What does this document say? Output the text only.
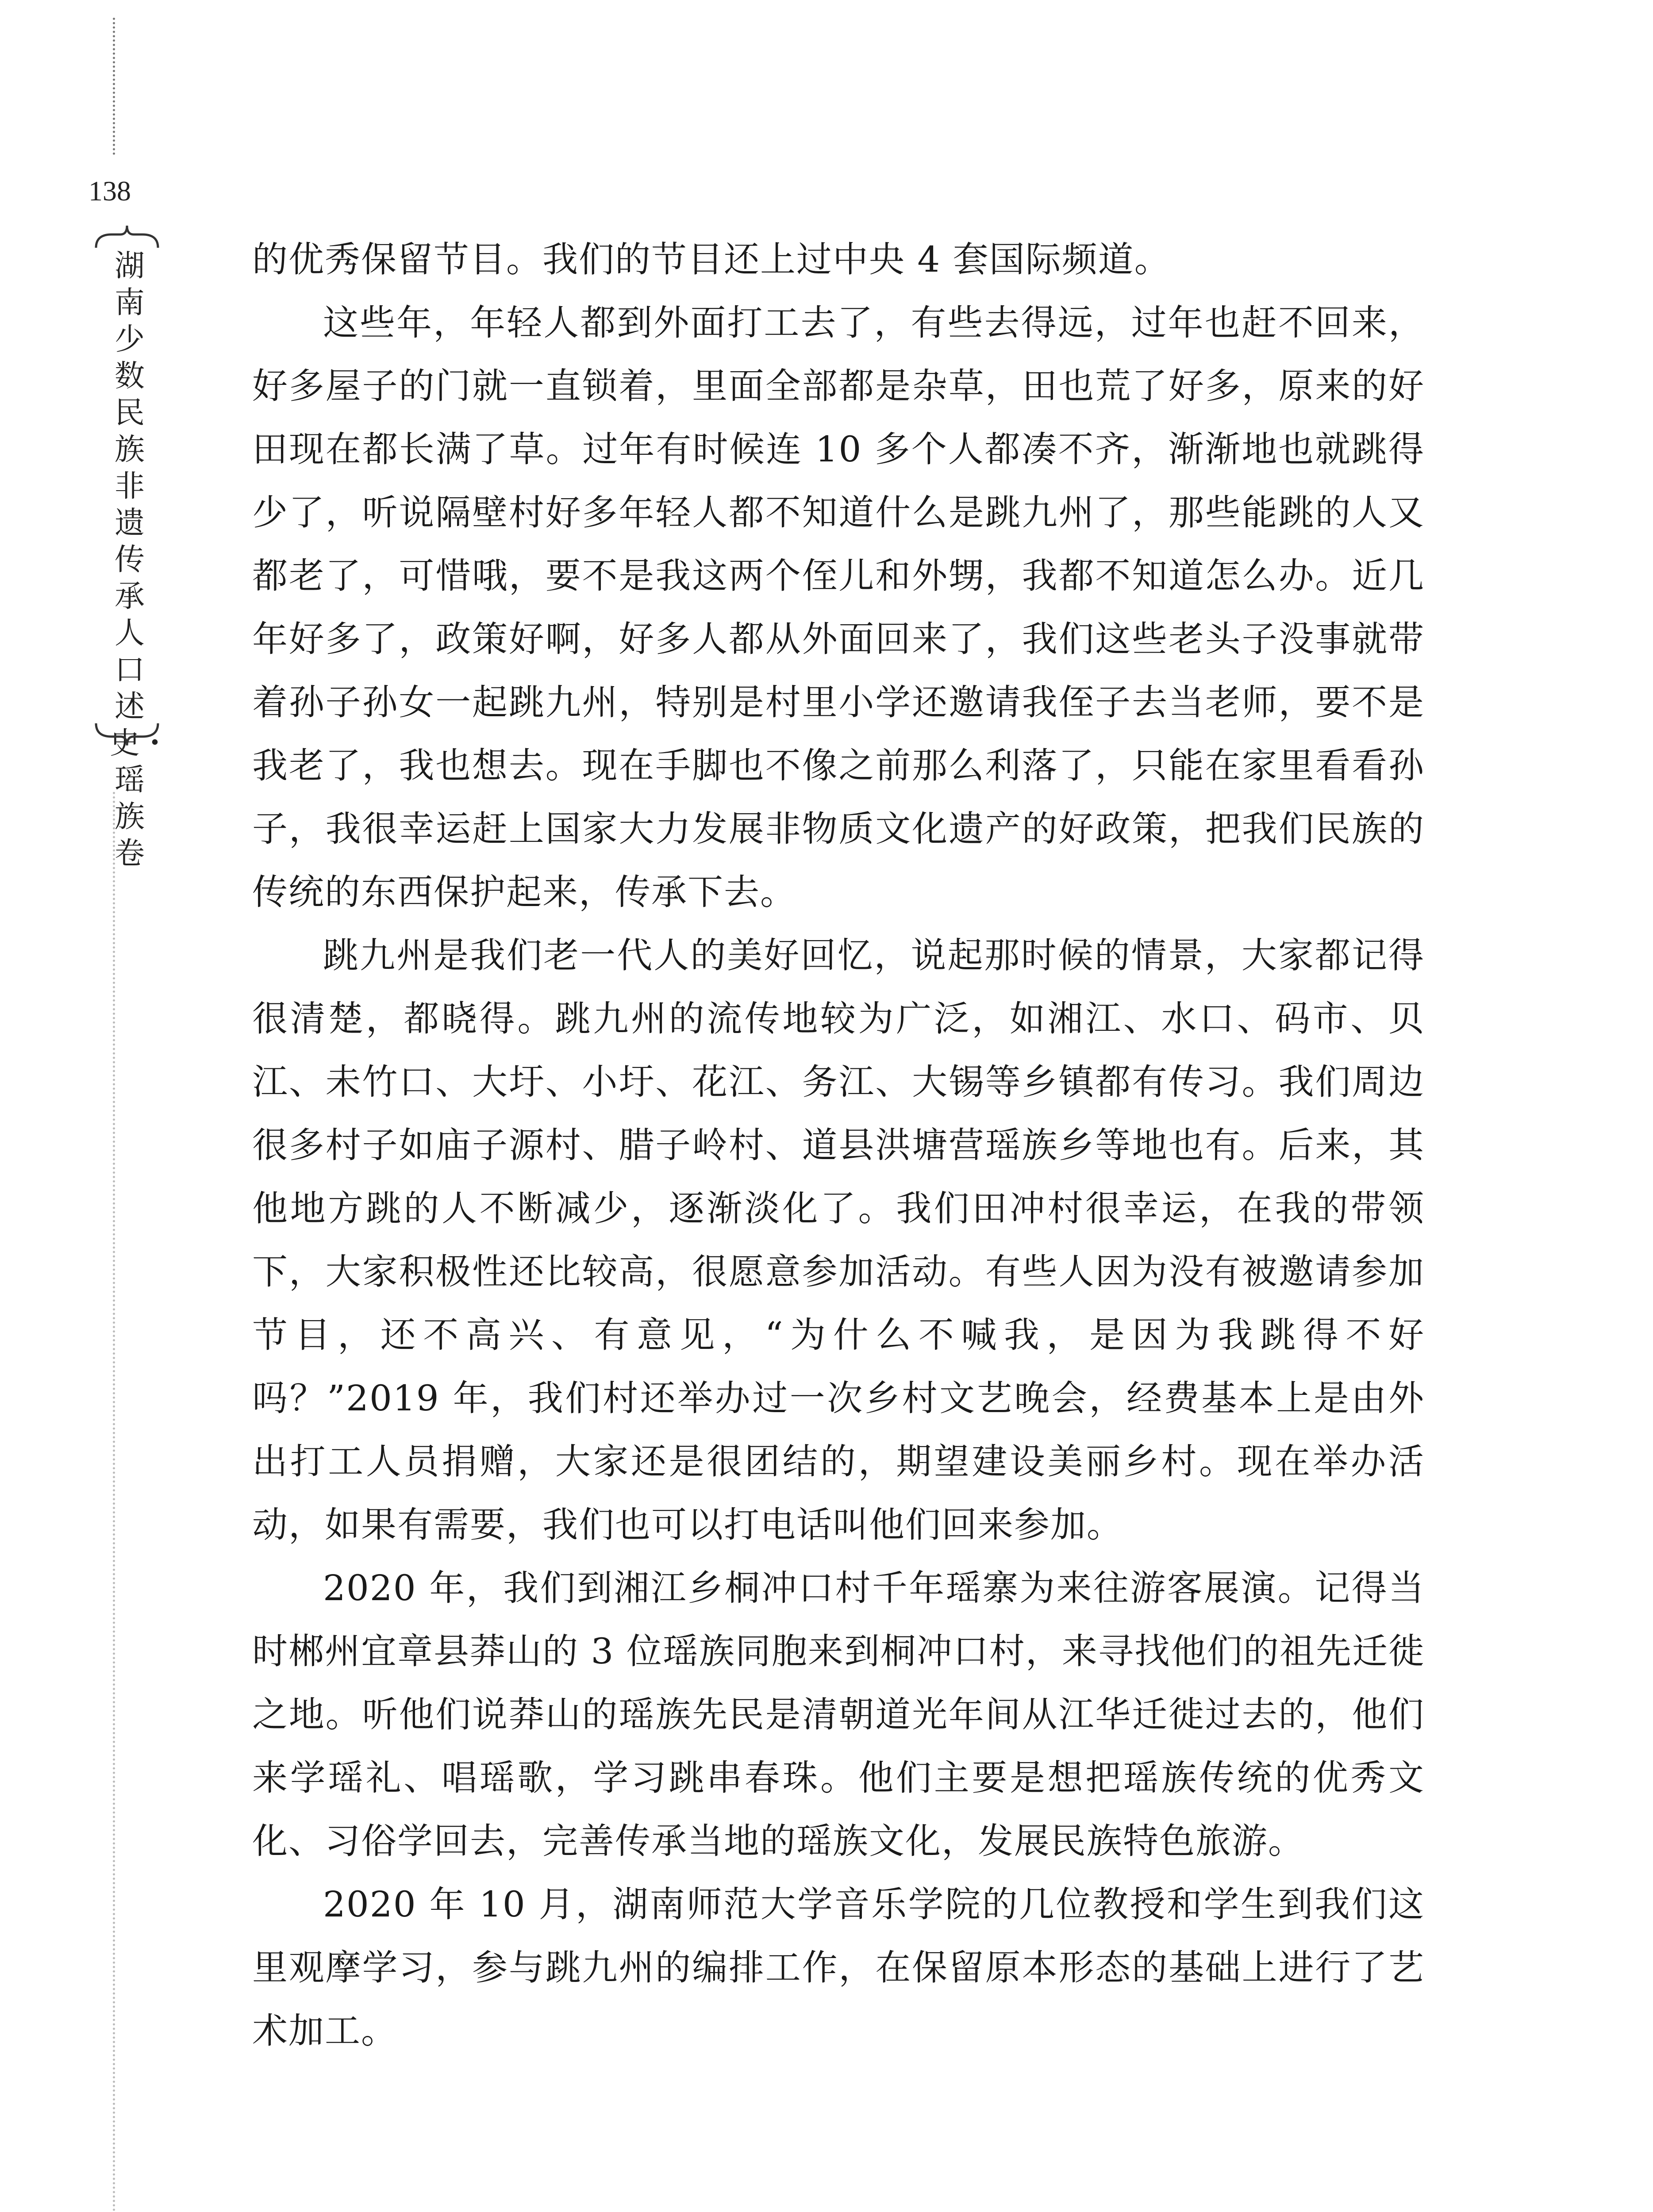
138
湖南少数民族非遗传承人口述史・瑶族卷

的优秀保留节目。我们的节目还上过中央 4 套国际频道。

这些年，年轻人都到外面打工去了，有些去得远，过年也赶不回来，好多屋子的门就一直锁着，里面全部都是杂草，田也荒了好多，原来的好田现在都长满了草。过年有时候连 10 多个人都凑不齐，渐渐地也就跳得少了，听说隔壁村好多年轻人都不知道什么是跳九州了，那些能跳的人又都老了，可惜哦，要不是我这两个侄儿和外甥，我都不知道怎么办。近几年好多了，政策好啊，好多人都从外面回来了，我们这些老头子没事就带着孙子孙女一起跳九州，特别是村里小学还邀请我侄子去当老师，要不是我老了，我也想去。现在手脚也不像之前那么利落了，只能在家里看看孙子，我很幸运赶上国家大力发展非物质文化遗产的好政策，把我们民族的传统的东西保护起来，传承下去。

跳九州是我们老一代人的美好回忆，说起那时候的情景，大家都记得很清楚，都晓得。跳九州的流传地较为广泛，如湘江、水口、码市、贝江、未竹口、大圩、小圩、花江、务江、大锡等乡镇都有传习。我们周边很多村子如庙子源村、腊子岭村、道县洪塘营瑶族乡等地也有。后来，其他地方跳的人不断减少，逐渐淡化了。我们田冲村很幸运，在我的带领下，大家积极性还比较高，很愿意参加活动。有些人因为没有被邀请参加节目，还不高兴、有意见，“为什么不喊我，是因为我跳得不好吗？”2019 年，我们村还举办过一次乡村文艺晚会，经费基本上是由外出打工人员捐赠，大家还是很团结的，期望建设美丽乡村。现在举办活动，如果有需要，我们也可以打电话叫他们回来参加。

2020 年，我们到湘江乡桐冲口村千年瑶寨为来往游客展演。记得当时郴州宜章县莽山的 3 位瑶族同胞来到桐冲口村，来寻找他们的祖先迁徙之地。听他们说莽山的瑶族先民是清朝道光年间从江华迁徙过去的，他们来学瑶礼、唱瑶歌，学习跳串春珠。他们主要是想把瑶族传统的优秀文化、习俗学回去，完善传承当地的瑶族文化，发展民族特色旅游。

2020 年 10 月，湖南师范大学音乐学院的几位教授和学生到我们这里观摩学习，参与跳九州的编排工作，在保留原本形态的基础上进行了艺术加工。
